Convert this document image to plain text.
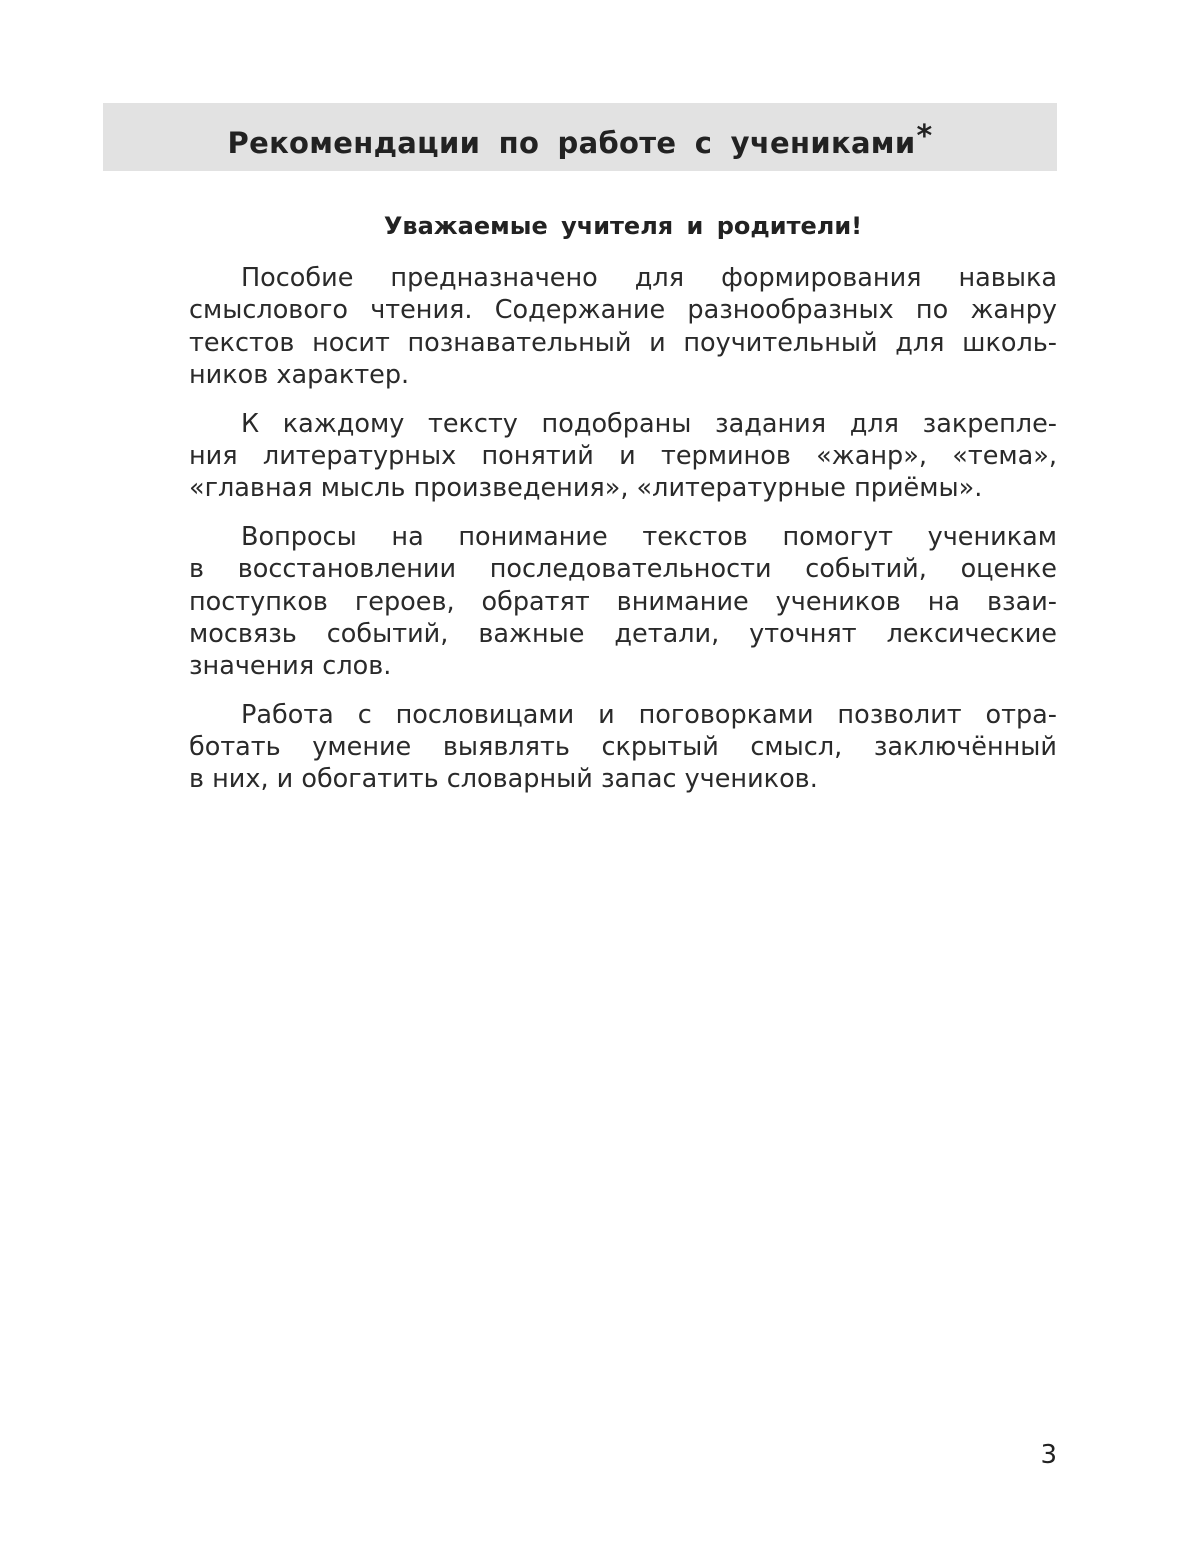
Рекомендации по работе с учениками*

Уважаемые учителя и родители!

Пособие предназначено для формирования навыка
смыслового чтения. Содержание разнообразных по жанру
текстов носит познавательный и поучительный для школь-
ников характер.

К каждому тексту подобраны задания для закрепле-
ния литературных понятий и терминов «жанр», «тема»,
«главная мысль произведения», «литературные приёмы».

Вопросы на понимание текстов помогут ученикам
в восстановлении последовательности событий, оценке
поступков героев, обратят внимание учеников на взаи-
мосвязь событий, важные детали, уточнят лексические
значения слов.

Работа с пословицами и поговорками позволит отра-
ботать умение выявлять скрытый смысл, заключённый
в них, и обогатить словарный запас учеников.

3
